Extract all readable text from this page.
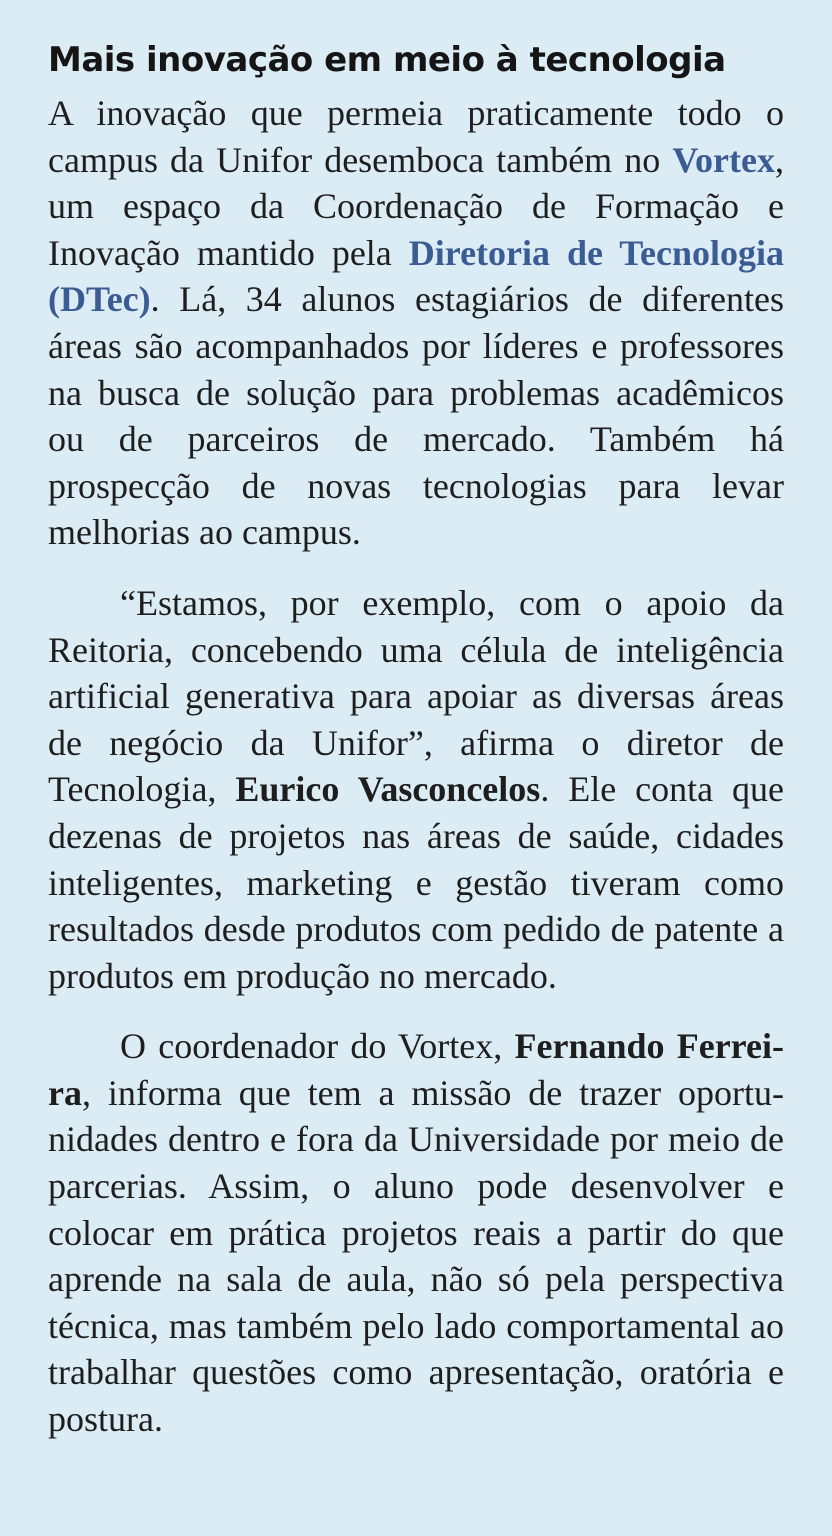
Mais inovação em meio à tecnologia

A inovação que permeia praticamente todo o campus da Unifor desemboca também no Vortex, um espaço da Coordenação de Formação e Inovação mantido pela Diretoria de Tecnologia (DTec). Lá, 34 alunos estagiários de diferentes áreas são acompanhados por líderes e professores na busca de solução para problemas acadêmicos ou de parceiros de mercado. Também há prospecção de novas tecnologias para levar melhorias ao campus.

“Estamos, por exemplo, com o apoio da Reitoria, concebendo uma célula de inteligência artificial generativa para apoiar as diversas áreas de negócio da Unifor”, afirma o diretor de Tecnologia, Eurico Vasconcelos. Ele conta que dezenas de projetos nas áreas de saúde, cidades inteligentes, marketing e gestão tiveram como resultados desde produtos com pedido de patente a produtos em produção no mercado.

O coordenador do Vortex, Fernando Ferreira, informa que tem a missão de trazer oportunidades dentro e fora da Universidade por meio de parcerias. Assim, o aluno pode desenvolver e colocar em prática projetos reais a partir do que aprende na sala de aula, não só pela perspectiva técnica, mas também pelo lado comportamental ao trabalhar questões como apresentação, oratória e postura.
